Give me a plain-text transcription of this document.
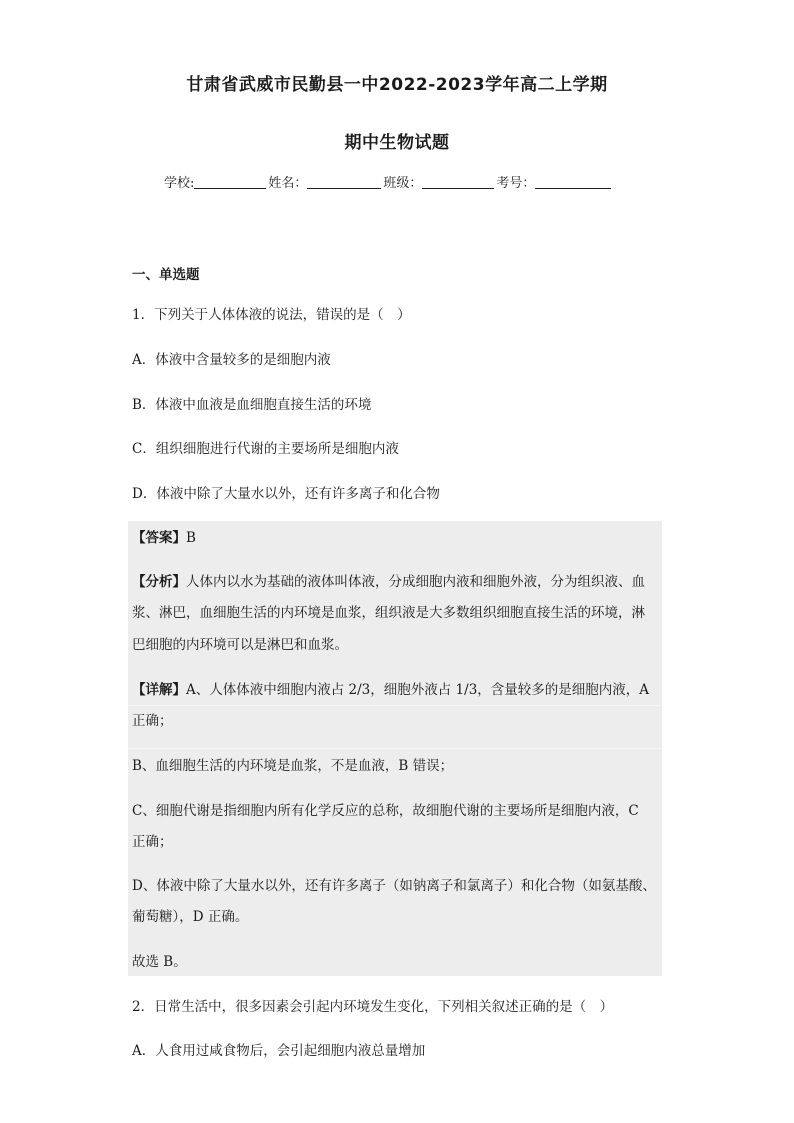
甘肃省武威市民勤县一中2022-2023学年高二上学期
期中生物试题
学校:	姓名：	班级：	考号：
一、单选题
1．下列关于人体体液的说法，错误的是（　）
A．体液中含量较多的是细胞内液
B．体液中血液是血细胞直接生活的环境
C．组织细胞进行代谢的主要场所是细胞内液
D．体液中除了大量水以外，还有许多离子和化合物
【答案】B
【分析】人体内以水为基础的液体叫体液，分成细胞内液和细胞外液，分为组织液、血
浆、淋巴，血细胞生活的内环境是血浆，组织液是大多数组织细胞直接生活的环境，淋
巴细胞的内环境可以是淋巴和血浆。
【详解】A、人体体液中细胞内液占 2/3，细胞外液占 1/3，含量较多的是细胞内液，A
正确；
B、血细胞生活的内环境是血浆，不是血液，B 错误；
C、细胞代谢是指细胞内所有化学反应的总称，故细胞代谢的主要场所是细胞内液，C
正确；
D、体液中除了大量水以外，还有许多离子（如钠离子和氯离子）和化合物（如氨基酸、
葡萄糖），D 正确。
故选 B。
2．日常生活中，很多因素会引起内环境发生变化，下列相关叙述正确的是（　）
A．人食用过咸食物后，会引起细胞内液总量增加
